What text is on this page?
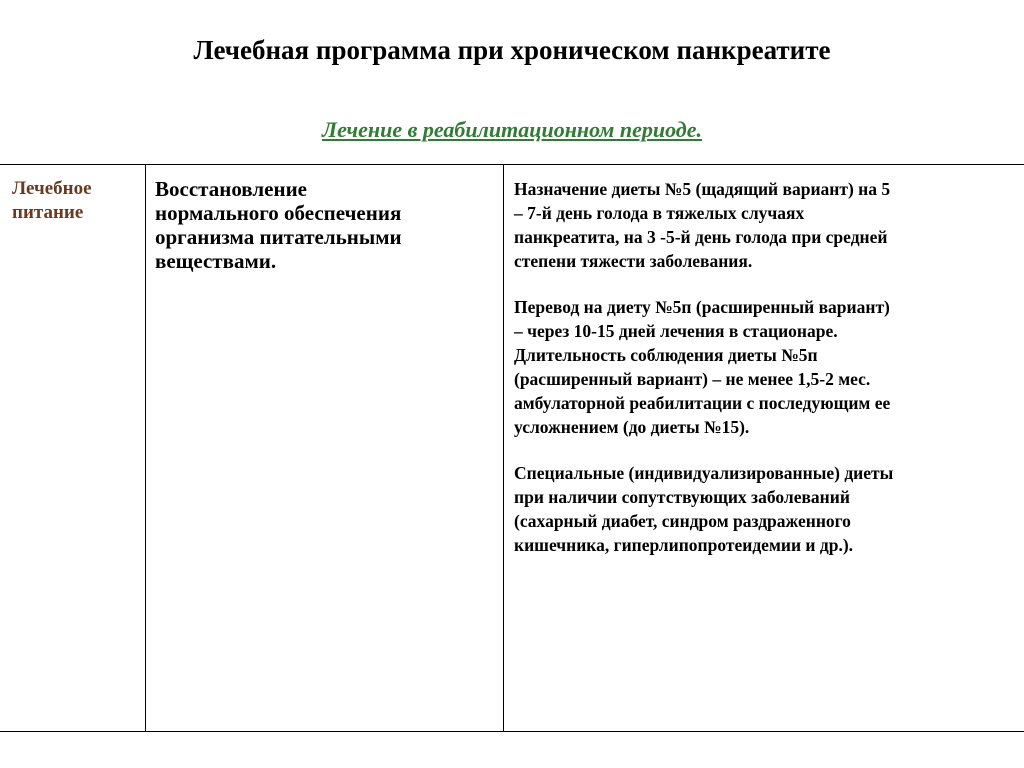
Лечебная программа при хроническом панкреатите
Лечение в реабилитационном периоде.
Лечебное
питание
Восстановление
нормального обеспечения
организма питательными
веществами.

Назначение диеты №5 (щадящий вариант) на 5
– 7-й день голода в тяжелых случаях
панкреатита, на 3 -5-й день голода при средней
степени тяжести заболевания.

Перевод на диету №5п (расширенный вариант)
– через 10-15 дней лечения в стационаре.
Длительность соблюдения диеты №5п
(расширенный вариант) – не менее 1,5-2 мес.
амбулаторной реабилитации с последующим ее
усложнением (до диеты №15).

Специальные (индивидуализированные) диеты
при наличии сопутствующих заболеваний
(сахарный диабет, синдром раздраженного
кишечника, гиперлипопротеидемии и др.).
